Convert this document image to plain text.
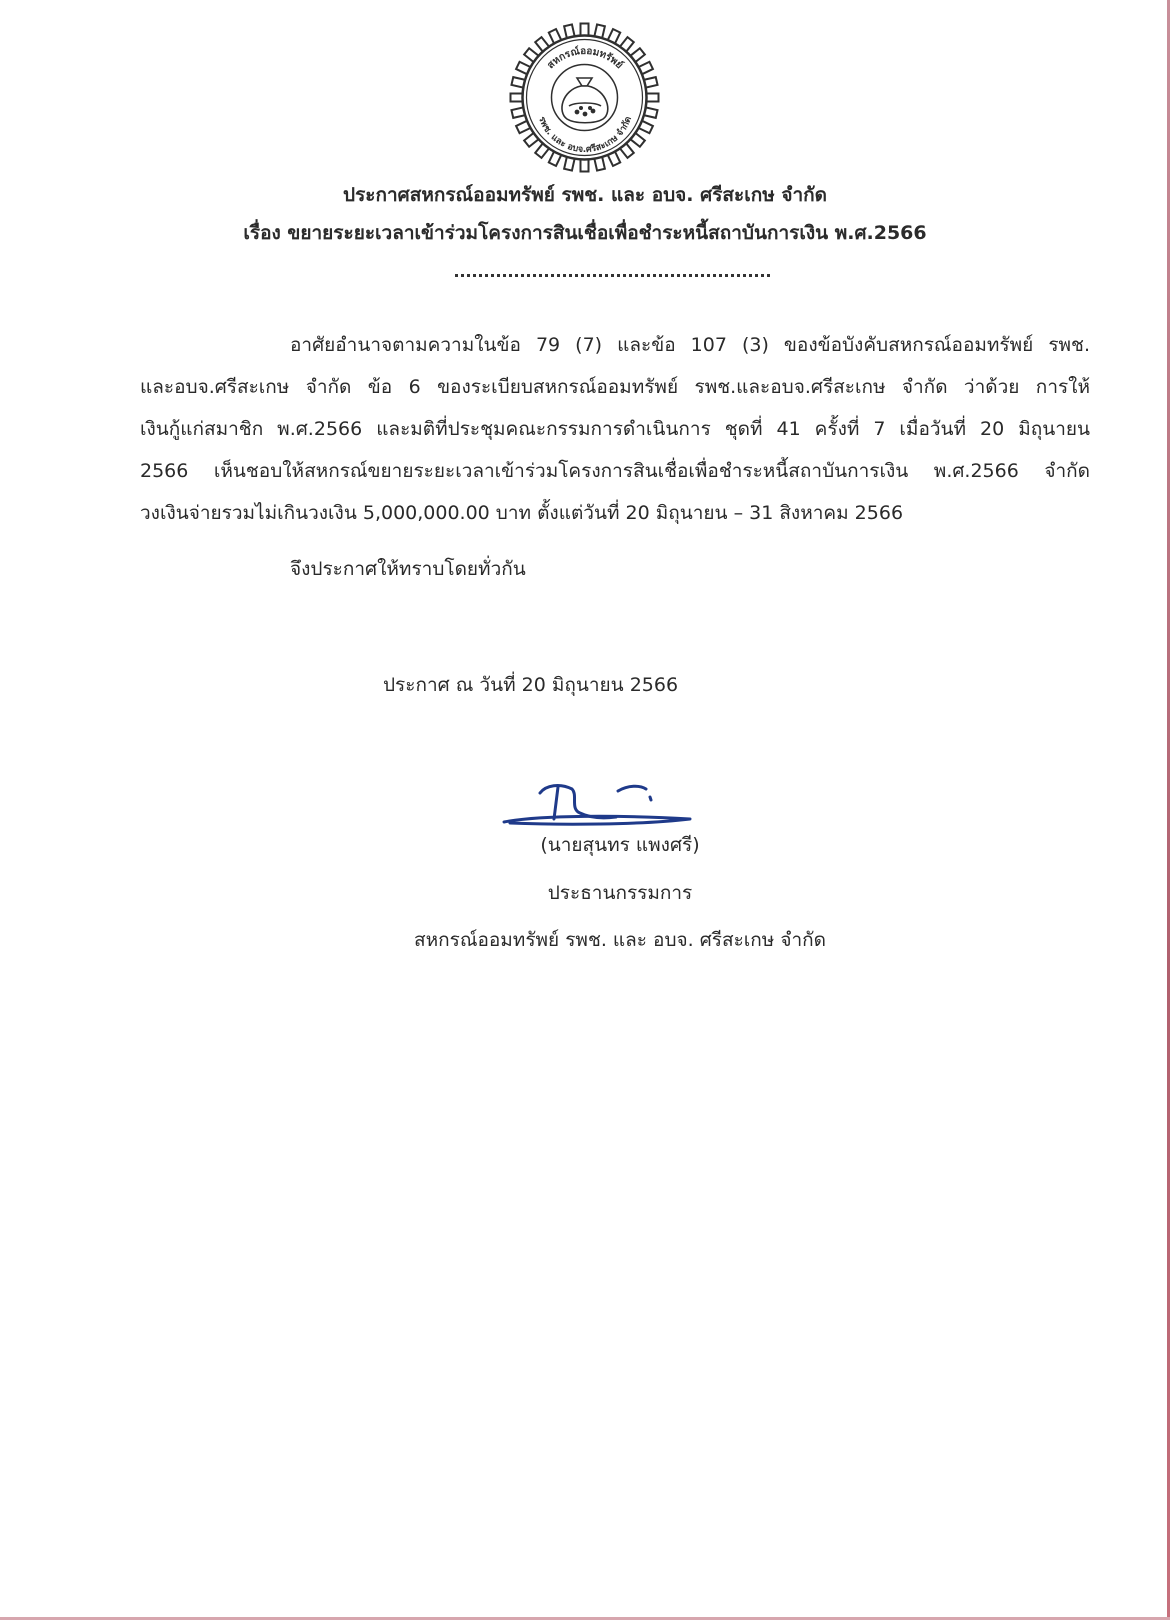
สหกรณ์ออมทรัพย์
รพช. และ อบจ.ศรีสะเกษ จำกัด
ประกาศสหกรณ์ออมทรัพย์ รพช. และ อบจ. ศรีสะเกษ จำกัด
เรื่อง ขยายระยะเวลาเข้าร่วมโครงการสินเชื่อเพื่อชำระหนี้สถาบันการเงิน พ.ศ.2566
อาศัยอำนาจตามความในข้อ 79 (7) และข้อ 107 (3) ของข้อบังคับสหกรณ์ออมทรัพย์ รพช.
และอบจ.ศรีสะเกษ จำกัด ข้อ 6 ของระเบียบสหกรณ์ออมทรัพย์ รพช.และอบจ.ศรีสะเกษ จำกัด ว่าด้วย การให้
เงินกู้แก่สมาชิก พ.ศ.2566 และมติที่ประชุมคณะกรรมการดำเนินการ ชุดที่ 41 ครั้งที่ 7 เมื่อวันที่ 20 มิถุนายน
2566 เห็นชอบให้สหกรณ์ขยายระยะเวลาเข้าร่วมโครงการสินเชื่อเพื่อชำระหนี้สถาบันการเงิน พ.ศ.2566 จำกัด
วงเงินจ่ายรวมไม่เกินวงเงิน 5,000,000.00 บาท ตั้งแต่วันที่ 20 มิถุนายน – 31 สิงหาคม 2566
จึงประกาศให้ทราบโดยทั่วกัน
ประกาศ ณ วันที่ 20 มิถุนายน 2566
(นายสุนทร แพงศรี)
ประธานกรรมการ
สหกรณ์ออมทรัพย์ รพช. และ อบจ. ศรีสะเกษ จำกัด
